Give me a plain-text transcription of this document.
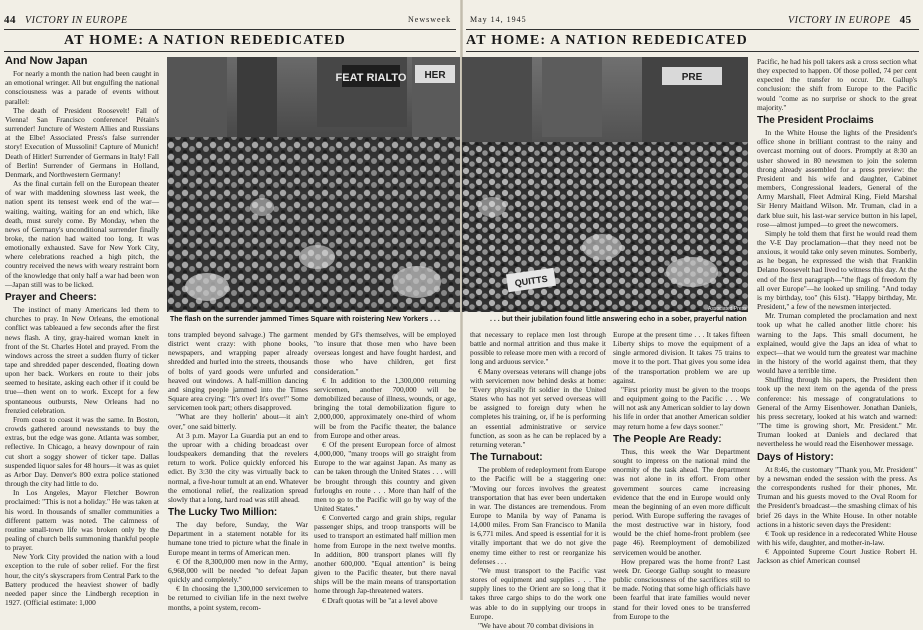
44 VICTORY IN EUROPE	Newsweek
AT HOME: A NATION REDEDICATED
And Now Japan

For nearly a month the nation had been caught in an emotional wringer. All but engulfing the national consciousness was a parade of events without parallel:

The death of President Roosevelt! Fall of Vienna! San Francisco conference! Pétain's surrender! Juncture of Western Allies and Russians at the Elbe! Associated Press's false surrender story! Execution of Mussolini! Capture of Munich! Death of Hitler! Surrender of Germans in Italy! Fall of Berlin! Surrender of Germans in Holland, Denmark, and Northwestern Germany!

As the final curtain fell on the European theater of war with maddening slowness last week, the nation spent its tensest week end of the war—waiting, waiting, waiting for an end which, like death, must surely come. By Monday, when the news of Germany's unconditional surrender finally broke, the nation had waited too long. It was emotionally exhausted. Save for New York City, where celebrations reached a high pitch, the country received the news with weary restraint born of the knowledge that only half a war had been won—Japan still was to be licked.

Prayer and Cheers:

The instinct of many Americans led them to churches to pray. In New Orleans, the emotional conflict was tableaued a few seconds after the first news flash. A tiny, gray-haired woman knelt in front of the St. Charles Hotel and prayed. From the windows across the street a sudden flurry of ticker tape and shredded paper descended, floating down upon her back. Workers en route to their jobs seemed to hesitate, asking each other if it could be true—then went on to work. Except for a few spontaneous outbursts, New Orleans had no frenzied celebration.

From coast to coast it was the same. In Boston, crowds gathered around newsstands to buy the extras, but the edge was gone. Atlanta was somber, reflective. In Chicago, a heavy downpour of rain cut short a soggy shower of ticker tape. Dallas suspended liquor sales for 48 hours—it was as quiet as Arbor Day. Denver's 800 extra police stationed through the city had little to do.

In Los Angeles, Mayor Fletcher Bowron proclaimed: "This is not a holiday." He was taken at his word. In thousands of smaller communities a different pattern was noted. The calmness of routine small-town life was broken only by the pealing of church bells summoning thankful people to prayer.

New York City provided the nation with a loud exception to the rule of sober relief. For the first hour, the city's skyscrapers from Central Park to the Battery produced the heaviest shower of badly needed paper since the Lindbergh reception in 1927. (Official estimate: 1,000

FEAT RIALTO HER
The flash on the surrender jammed Times Square with roistering New Yorkers . . .

tons trampled beyond salvage.) The garment district went crazy: with phone books, newspapers, and wrapping paper already shredded and hurled into the streets, thousands of bolts of yard goods were unfurled and heaved out windows. A half-million dancing and singing people jammed into the Times Square area crying: "It's over! It's over!" Some servicemen took part; others disapproved.

"What are they hollerin' about—it ain't over," one said bitterly.

At 3 p.m. Mayor La Guardia put an end to the uproar with a chiding broadcast over loudspeakers demanding that the revelers return to work. Police quickly enforced his edict. By 3:30 the city was virtually back to normal, a five-hour tumult at an end. Whatever the emotional relief, the realization spread slowly that a long, hard road was still ahead.

The Lucky Two Million:

The day before, Sunday, the War Department in a statement notable for its humane tone tried to picture what the finale in Europe meant in terms of American men.

€ Of the 8,300,000 men now in the Army, 6,968,000 will be needed "to defeat Japan quickly and completely."

€ In choosing the 1,300,000 servicemen to be returned to civilian life in the next twelve months, a point system, recom-

mended by GI's themselves, will be employed "to insure that those men who have been overseas longest and have fought hardest, and those who have children, get first consideration."

€ In addition to the 1,300,000 returning servicemen, another 700,000 will be demobilized because of illness, wounds, or age, bringing the total demobilization figure to 2,000,000, approximately one-third of whom will be from the Pacific theater, the balance from Europe and other areas.

€ Of the present European force of almost 4,000,000, "many troops will go straight from Europe to the war against Japan. As many as can be taken through the United States . . . will be brought through this country and given furloughs en route . . . More than half of the men to go to the Pacific will go by way of the United States."

€ Converted cargo and grain ships, regular passenger ships, and troop transports will be used to transport an estimated half million men home from Europe in the next twelve months. In addition, 800 transport planes will fly another 600,000. "Equal attention" is being given to the Pacific theater, but there naval ships will be the main means of transportation home through Jap-threatened waters.

€ Draft quotas will be "at a level above

May 14, 1945	VICTORY IN EUROPE 45
AT HOME: A NATION REDEDICATED
PRE
QUITTS
Associated Press
. . . but their jubilation found little answering echo in a sober, prayerful nation

Pacific, he had his poll takers ask a cross section what they expected to happen. Of those polled, 74 per cent expected the transfer to occur. Dr. Gallup's conclusion: the shift from Europe to the Pacific would "come as no surprise or shock to the great majority."

The President Proclaims

In the White House the lights of the President's office shone in brilliant contrast to the rainy and overcast morning out of doors. Promptly at 8:30 an usher showed in 80 newsmen to join the solemn throng already assembled for a press preview: the President and his wife and daughter, Cabinet members, Congressional leaders, General of the Army Marshall, Fleet Admiral King, Field Marshal Sir Henry Maitland Wilson. Mr. Truman, clad in a dark blue suit, his last-war service button in his lapel, rose—almost jumped—to greet the newcomers.

Simply he told them that first he would read them the V-E Day proclamation—that they need not be anxious, it would take only seven minutes. Somberly, as he began, he expressed the wish that Franklin Delano Roosevelt had lived to witness this day. At the end of the first paragraph—"the flags of freedom fly all over Europe"—he looked up smiling. "And today is my birthday, too" (his 61st). "Happy birthday, Mr. President," a few of the newsmen interjected.

Mr. Truman completed the proclamation and next took up what he called another little chore: his warning to the Japs. This small document, he explained, would give the Japs an idea of what to expect—that we would turn the greatest war machine in the history of the world against them, that they would have a terrible time.

Shuffling through his papers, the President then took up the next item on the agenda of the press conference: his message of congratulations to General of the Army Eisenhower. Jonathan Daniels, his press secretary, looked at his watch and warned: "The time is growing short, Mr. President." Mr. Truman looked at Daniels and declared that nevertheless he would read the Eisenhower message.

Days of History:

At 8:46, the customary "Thank you, Mr. President" by a newsman ended the session with the press. As the correspondents rushed for their phones, Mr. Truman and his guests moved to the Oval Room for the President's broadcast—the smashing climax of his brief 26 days in the White House. In other notable actions in a historic seven days the President:

€ Took up residence in a redecorated White House with his wife, daughter, and mother-in-law.

€ Appointed Supreme Court Justice Robert H. Jackson as chief American counsel

that necessary to replace men lost through battle and normal attrition and thus make it possible to release more men with a record of long and arduous service."

€ Many overseas veterans will change jobs with servicemen now behind desks at home: "Every physically fit soldier in the United States who has not yet served overseas will be assigned to foreign duty when he completes his training, or, if he is performing an essential administrative or service function, as soon as he can be replaced by a returning veteran."

The Turnabout:

The problem of redeployment from Europe to the Pacific will be a staggering one: "Moving our forces involves the greatest transportation that has ever been undertaken in war. The distances are tremendous. From Europe to Manila by way of Panama is 14,000 miles. From San Francisco to Manila is 6,771 miles. And speed is essential for it is vitally important that we do not give the enemy time either to rest or reorganize his defenses . . .

"We must transport to the Pacific vast stores of equipment and supplies . . . The supply lines to the Orient are so long that it takes three cargo ships to do the work one was able to do in supplying our troops in Europe.

"We have about 70 combat divisions in

Europe at the present time . . . It takes fifteen Liberty ships to move the equipment of a single armored division. It takes 75 trains to move it to the port. That gives you some idea of the transportation problem we are up against.

"First priority must be given to the troops and equipment going to the Pacific . . . We will not ask any American soldier to lay down his life in order that another American soldier may return home a few days sooner."

The People Are Ready:

Thus, this week the War Department sought to impress on the national mind the enormity of the task ahead. The department was not alone in its effort. From other government sources came increasing evidence that the end in Europe would only mean the beginning of an even more difficult period. With Europe suffering the ravages of the most destructive war in history, food would be the chief home-front problem (see page 46). Reemployment of demobilized servicemen would be another.

How prepared was the home front? Last week Dr. George Gallup sought to measure public consciousness of the sacrifices still to be made. Noting that some high officials have been fearful that irate families would never stand for their loved ones to be transferred from Europe to the
